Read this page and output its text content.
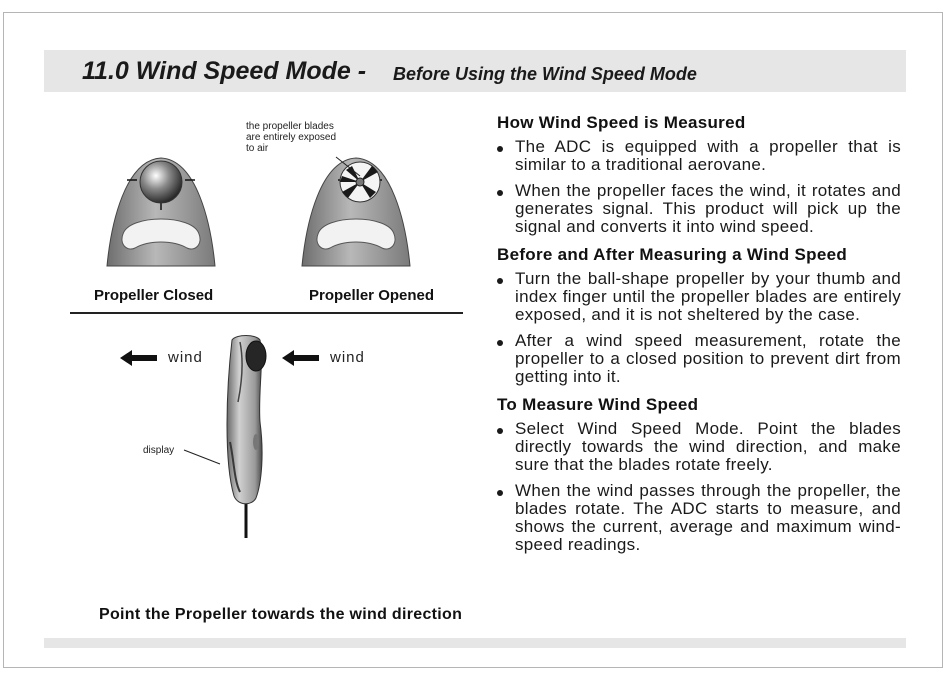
11.0 Wind Speed Mode - Before Using the Wind Speed Mode
the propeller blades are entirely exposed to air
Propeller Closed	Propeller Opened
wind	wind
display
Point the Propeller towards the wind direction
How Wind Speed is Measured
The ADC is equipped with a propeller that is similar to a traditional aerovane.
When the propeller faces the wind, it rotates and generates signal. This product will pick up the signal and converts it into wind speed.
Before and After Measuring a Wind Speed
Turn the ball-shape propeller by your thumb and index finger until the propeller blades are entirely exposed, and it is not sheltered by the case.
After a wind speed measurement, rotate the propeller to a closed position to prevent dirt from getting into it.
To Measure Wind Speed
Select Wind Speed Mode. Point the blades directly towards the wind direction, and make sure that the blades rotate freely.
When the wind passes through the propeller, the blades rotate. The ADC starts to measure, and shows the current, average and maximum wind-speed readings.
